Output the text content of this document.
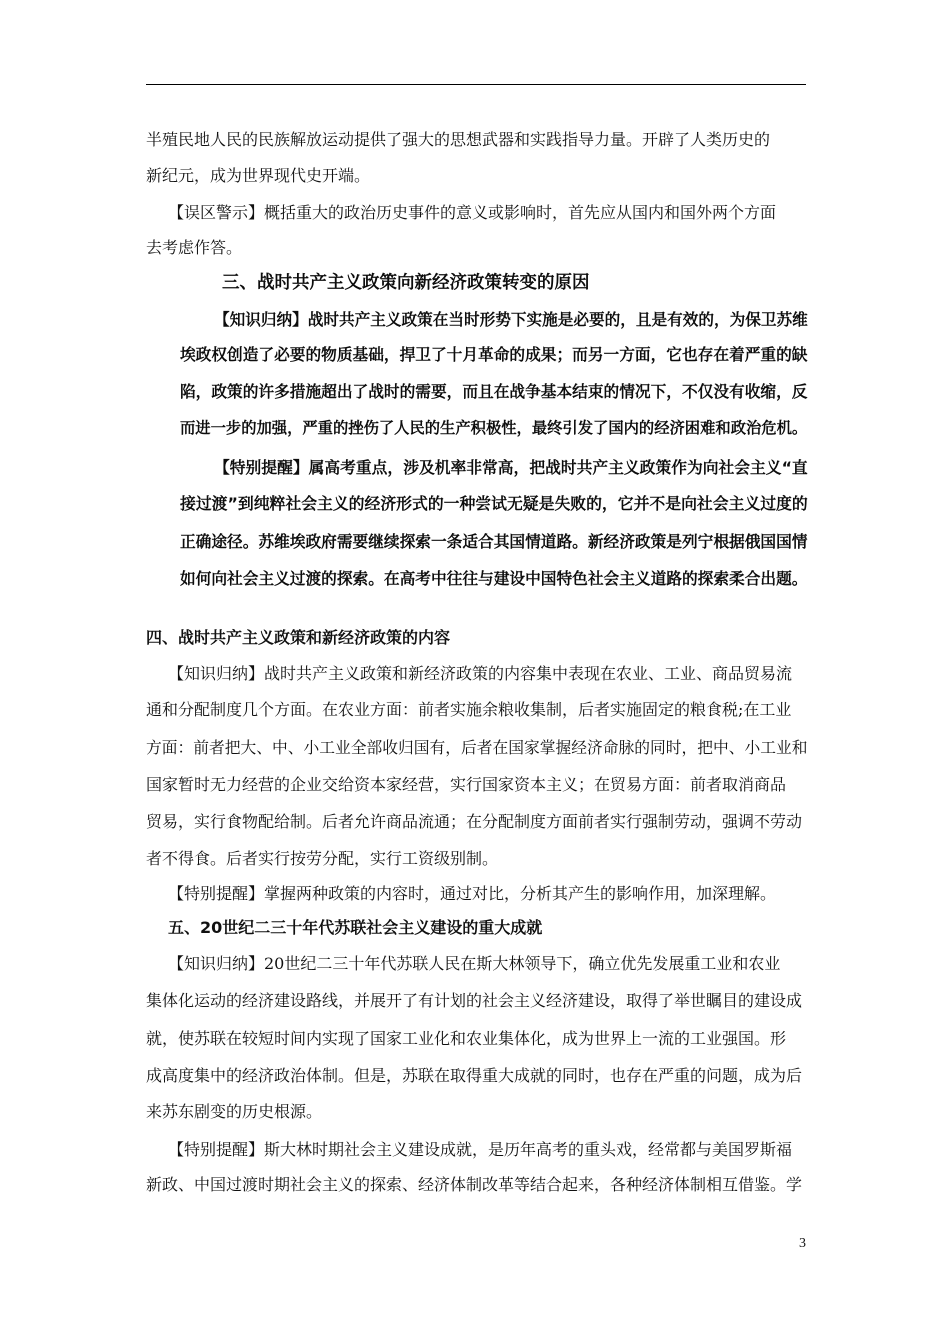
半殖民地人民的民族解放运动提供了强大的思想武器和实践指导力量。开辟了人类历史的
新纪元，成为世界现代史开端。
【误区警示】概括重大的政治历史事件的意义或影响时，首先应从国内和国外两个方面
去考虑作答。
三、战时共产主义政策向新经济政策转变的原因
【知识归纳】战时共产主义政策在当时形势下实施是必要的，且是有效的，为保卫苏维
埃政权创造了必要的物质基础，捍卫了十月革命的成果；而另一方面，它也存在着严重的缺
陷，政策的许多措施超出了战时的需要，而且在战争基本结束的情况下，不仅没有收缩，反
而进一步的加强，严重的挫伤了人民的生产积极性，最终引发了国内的经济困难和政治危机。
【特别提醒】属高考重点，涉及机率非常高，把战时共产主义政策作为向社会主义“直
接过渡”到纯粹社会主义的经济形式的一种尝试无疑是失败的，它并不是向社会主义过度的
正确途径。苏维埃政府需要继续探索一条适合其国情道路。新经济政策是列宁根据俄国国情
如何向社会主义过渡的探索。在高考中往往与建设中国特色社会主义道路的探索柔合出题。
四、战时共产主义政策和新经济政策的内容
【知识归纳】战时共产主义政策和新经济政策的内容集中表现在农业、工业、商品贸易流
通和分配制度几个方面。在农业方面：前者实施余粮收集制，后者实施固定的粮食税;在工业
方面：前者把大、中、小工业全部收归国有，后者在国家掌握经济命脉的同时，把中、小工业和
国家暂时无力经营的企业交给资本家经营，实行国家资本主义；在贸易方面：前者取消商品
贸易，实行食物配给制。后者允许商品流通；在分配制度方面前者实行强制劳动，强调不劳动
者不得食。后者实行按劳分配，实行工资级别制。
【特别提醒】掌握两种政策的内容时，通过对比，分析其产生的影响作用，加深理解。
五、20世纪二三十年代苏联社会主义建设的重大成就
【知识归纳】20世纪二三十年代苏联人民在斯大林领导下，确立优先发展重工业和农业
集体化运动的经济建设路线，并展开了有计划的社会主义经济建设，取得了举世瞩目的建设成
就，使苏联在较短时间内实现了国家工业化和农业集体化，成为世界上一流的工业强国。形
成高度集中的经济政治体制。但是，苏联在取得重大成就的同时，也存在严重的问题，成为后
来苏东剧变的历史根源。
【特别提醒】斯大林时期社会主义建设成就，是历年高考的重头戏，经常都与美国罗斯福
新政、中国过渡时期社会主义的探索、经济体制改革等结合起来，各种经济体制相互借鉴。学
3
